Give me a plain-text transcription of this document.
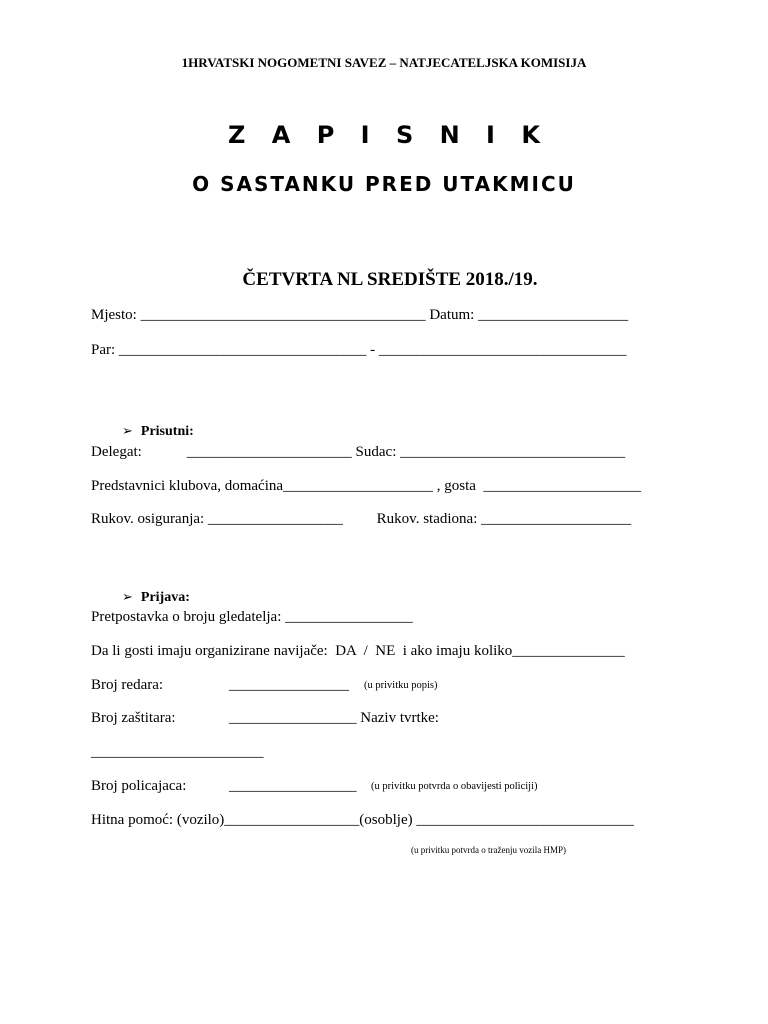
1HRVATSKI NOGOMETNI SAVEZ – NATJECATELJSKA KOMISIJA
Z A P I S N I K
O SASTANKU PRED UTAKMICU
ČETVRTA NL SREDIŠTE 2018./19.
Mjesto: ______________________________________ Datum: ____________________
Par: _________________________________ - _________________________________

➢ Prisutni:

Delegat:            ______________________ Sudac: ______________________________
Predstavnici klubova, domaćina____________________ , gosta  _____________________
Rukov. osiguranja: __________________         Rukov. stadiona: ____________________

➢ Prijava:

Pretpostavka o broju gledatelja: _________________
Da li gosti imaju organizirane navijače:  DA  /  NE  i ako imaju koliko_______________
Broj redara:	________________ (u privitku popis)
Broj zaštitara:	_________________ Naziv tvrtke:
_______________________
Broj policajaca:	_________________ (u privitku potvrda o obavijesti policiji)
Hitna pomoć: (vozilo)__________________(osoblje) _____________________________
(u privitku potvrda o traženju vozila HMP)
